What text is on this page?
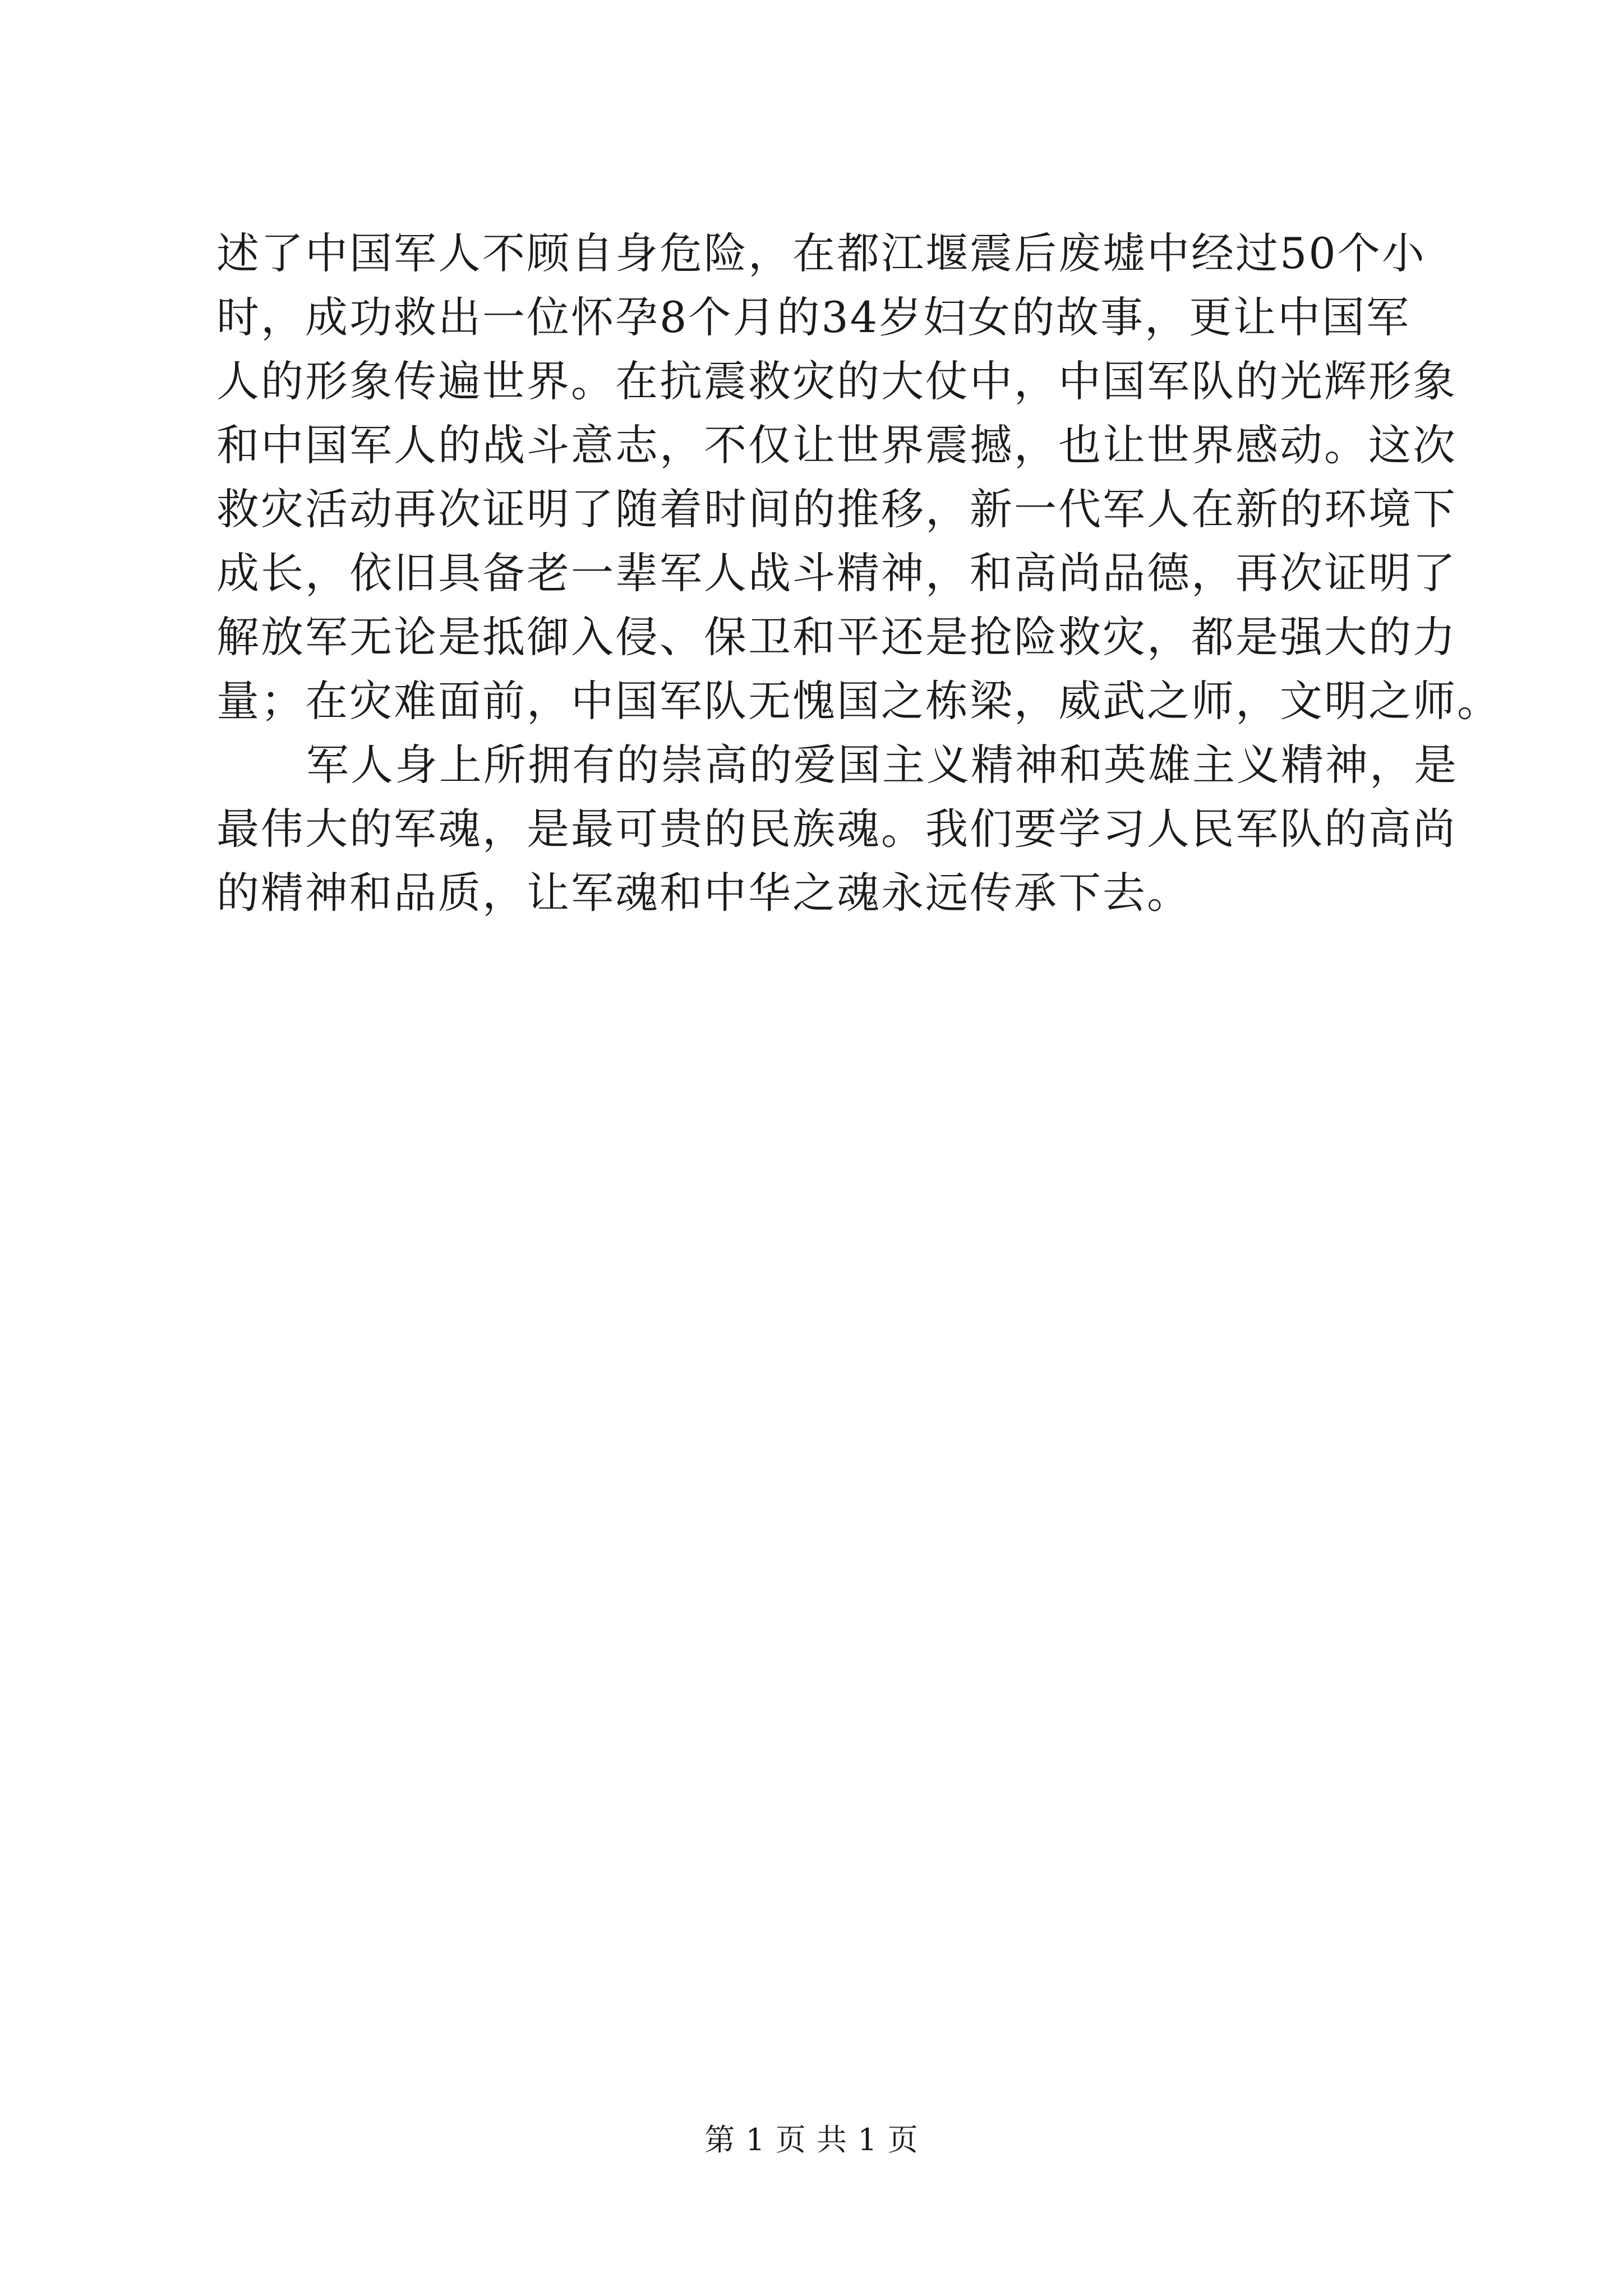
述了中国军人不顾自身危险，在都江堰震后废墟中经过50个小
时，成功救出一位怀孕8个月的34岁妇女的故事，更让中国军
人的形象传遍世界。在抗震救灾的大仗中，中国军队的光辉形象
和中国军人的战斗意志，不仅让世界震撼，也让世界感动。这次
救灾活动再次证明了随着时间的推移，新一代军人在新的环境下
成长，依旧具备老一辈军人战斗精神，和高尚品德，再次证明了
解放军无论是抵御入侵、保卫和平还是抢险救灾，都是强大的力
量；在灾难面前，中国军队无愧国之栋梁，威武之师，文明之师。
军人身上所拥有的崇高的爱国主义精神和英雄主义精神，是
最伟大的军魂，是最可贵的民族魂。我们要学习人民军队的高尚
的精神和品质，让军魂和中华之魂永远传承下去。
第 1 页 共 1 页
